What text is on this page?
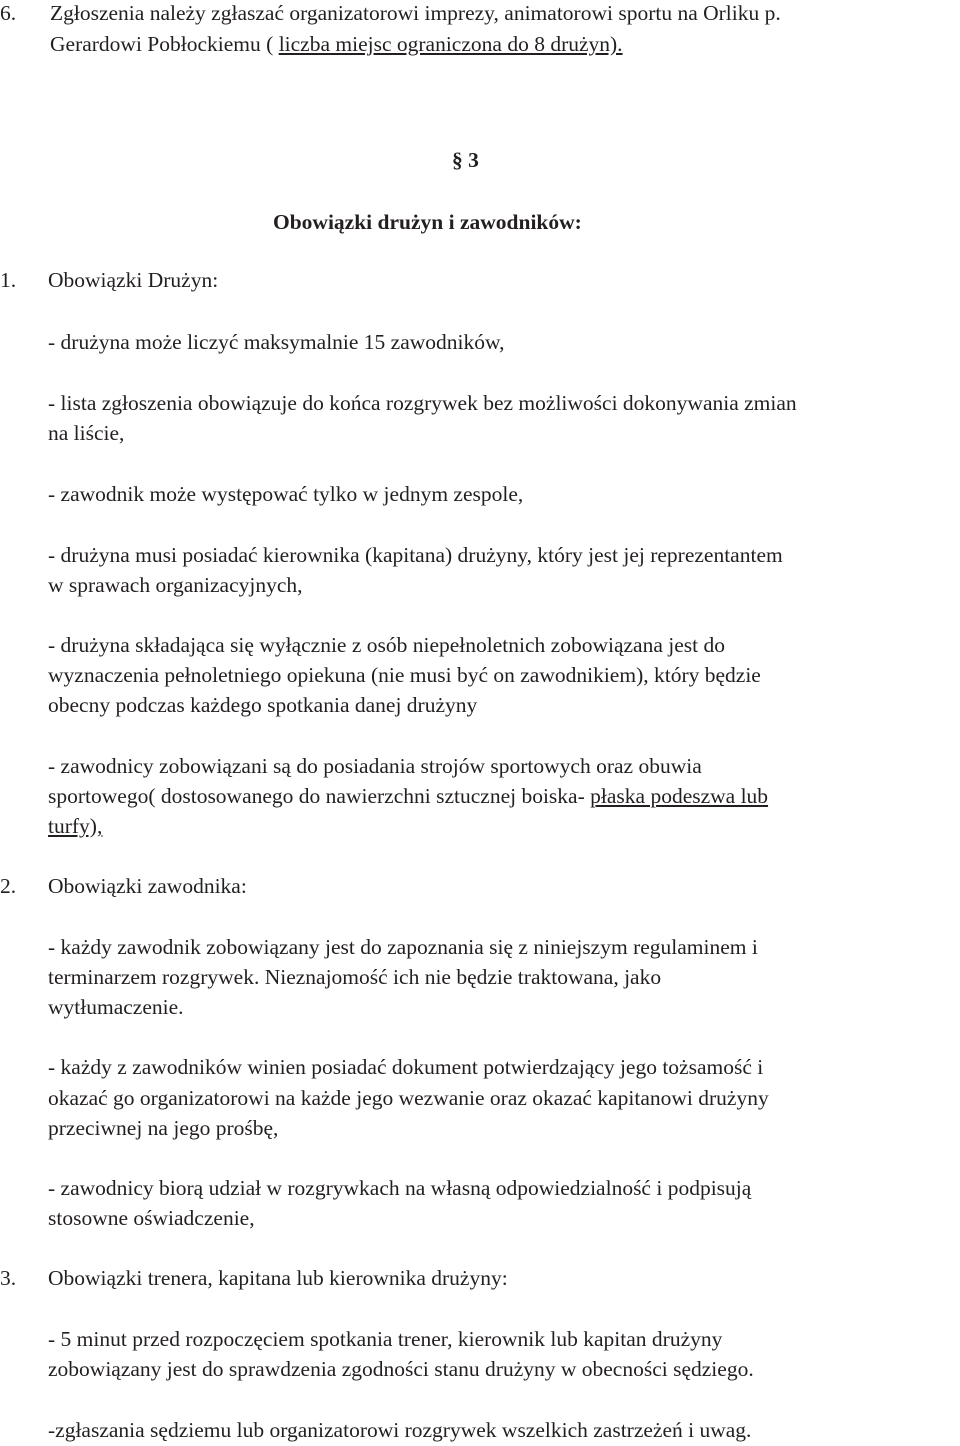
6. Zgłoszenia należy zgłaszać organizatorowi imprezy, animatorowi sportu na Orliku p.
Gerardowi Pobłockiemu ( liczba miejsc ograniczona do 8 drużyn).
§ 3
Obowiązki drużyn i zawodników:
1. Obowiązki Drużyn:
- drużyna może liczyć maksymalnie 15 zawodników,
- lista zgłoszenia obowiązuje do końca rozgrywek bez możliwości dokonywania zmian
na liście,
- zawodnik może występować tylko w jednym zespole,
- drużyna musi posiadać kierownika (kapitana) drużyny, który jest jej reprezentantem
w sprawach organizacyjnych,
- drużyna składająca się wyłącznie z osób niepełnoletnich zobowiązana jest do
wyznaczenia pełnoletniego opiekuna (nie musi być on zawodnikiem), który będzie
obecny podczas każdego spotkania danej drużyny
- zawodnicy zobowiązani są do posiadania strojów sportowych oraz obuwia
sportowego( dostosowanego do nawierzchni sztucznej boiska- płaska podeszwa lub
turfy),
2. Obowiązki zawodnika:
- każdy zawodnik zobowiązany jest do zapoznania się z niniejszym regulaminem i
terminarzem rozgrywek. Nieznajomość ich nie będzie traktowana, jako
wytłumaczenie.
- każdy z zawodników winien posiadać dokument potwierdzający jego tożsamość i
okazać go organizatorowi na każde jego wezwanie oraz okazać kapitanowi drużyny
przeciwnej na jego prośbę,
- zawodnicy biorą udział w rozgrywkach na własną odpowiedzialność i podpisują
stosowne oświadczenie,
3. Obowiązki trenera, kapitana lub kierownika drużyny:
- 5 minut przed rozpoczęciem spotkania trener, kierownik lub kapitan drużyny
zobowiązany jest do sprawdzenia zgodności stanu drużyny w obecności sędziego.
-zgłaszania sędziemu lub organizatorowi rozgrywek wszelkich zastrzeżeń i uwag.
